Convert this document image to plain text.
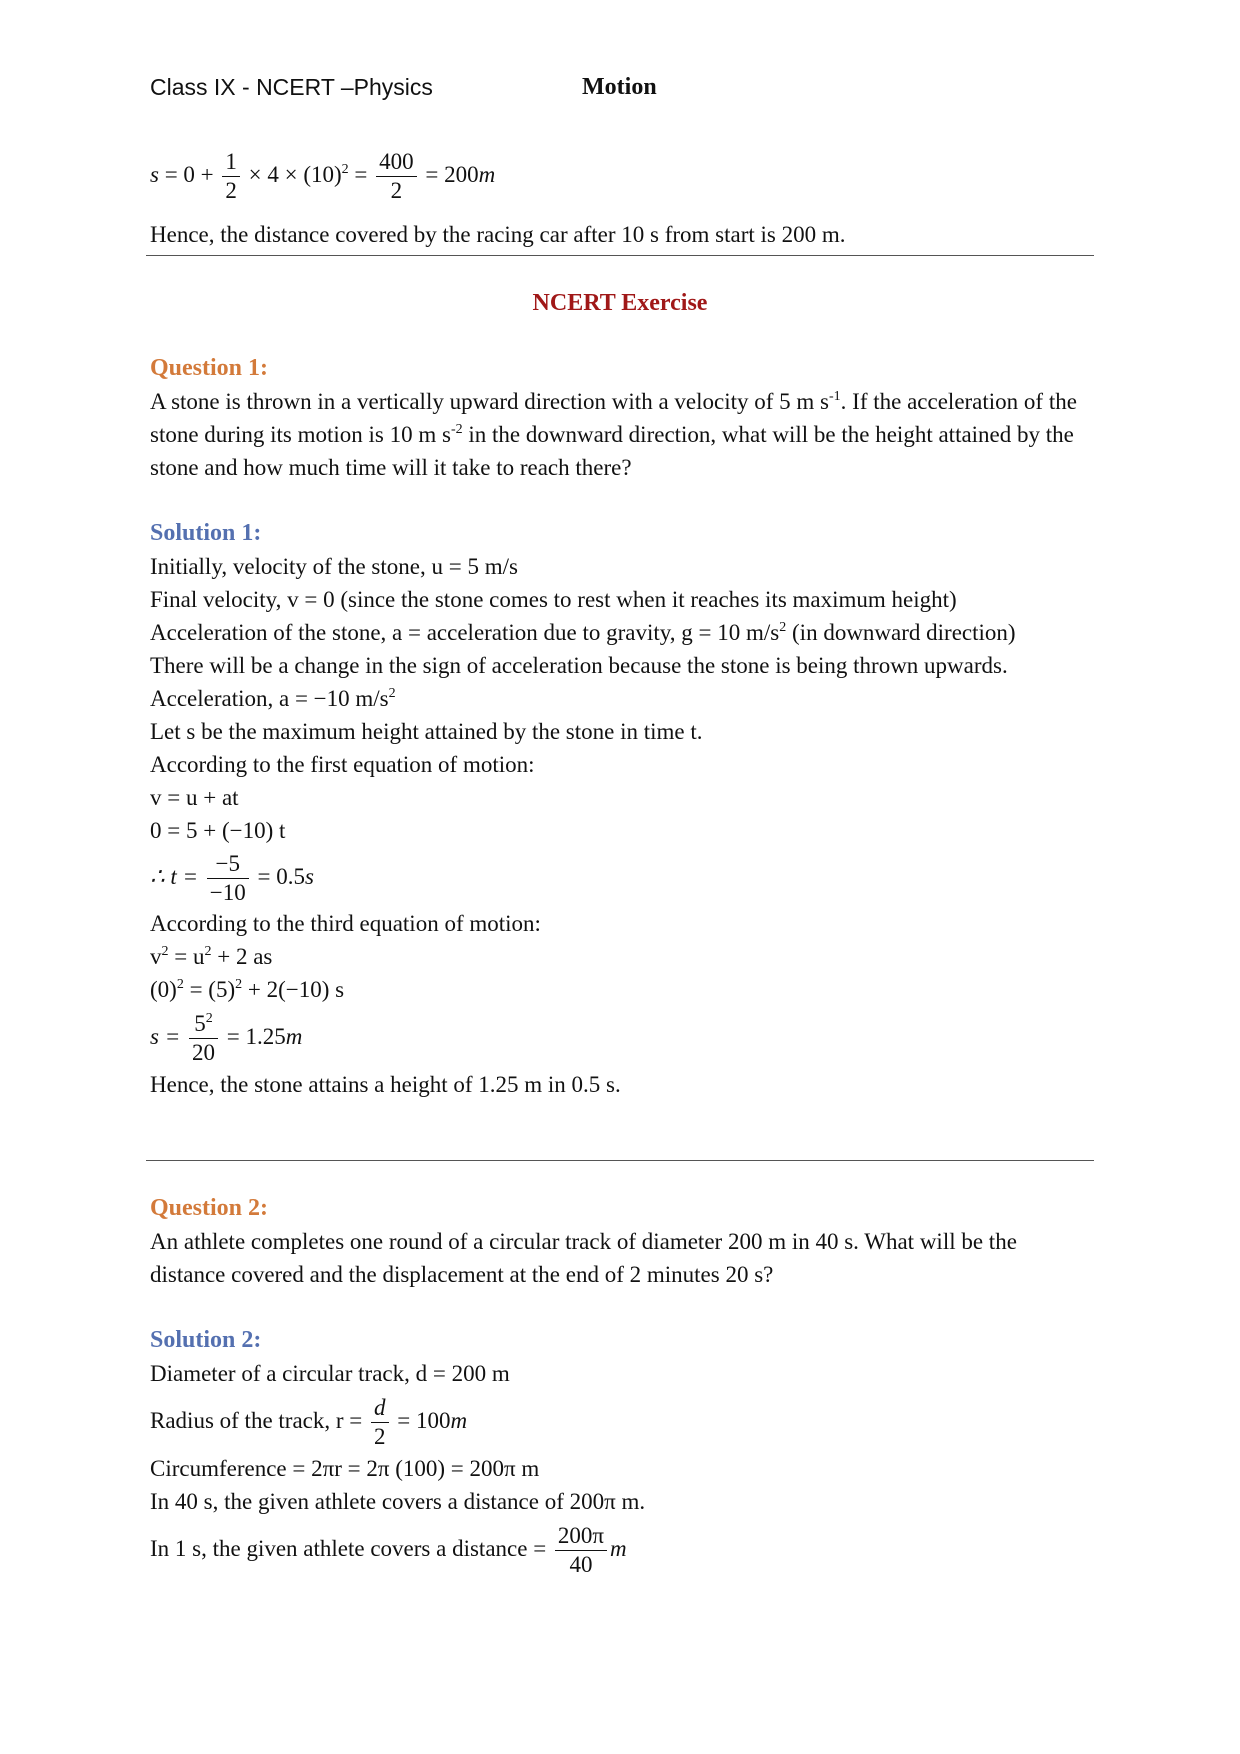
Class IX - NCERT –Physics	Motion
$s = 0 + \frac{1}{2} \times 4 \times (10)^2 = \frac{400}{2} = 200m$

Hence, the distance covered by the racing car after 10 s from start is 200 m.

NCERT Exercise

Question 1:

A stone is thrown in a vertically upward direction with a velocity of 5 m $s^{-1}$. If the acceleration of the stone during its motion is 10 m $s^{-2}$ in the downward direction, what will be the height attained by the stone and how much time will it take to reach there?

Solution 1:

Initially, velocity of the stone, u = 5 m/s

Final velocity, v = 0 (since the stone comes to rest when it reaches its maximum height)

Acceleration of the stone, a = acceleration due to gravity, g = 10 $m/s^2$ (in downward direction)

There will be a change in the sign of acceleration because the stone is being thrown upwards.

Acceleration, a = −10 $m/s^2$

Let s be the maximum height attained by the stone in time t.

According to the first equation of motion:

v = u + at

0 = 5 + (−10) t

∴ $t = \frac{-5}{-10} = 0.5s$

According to the third equation of motion:

$v^2 = u^2 + 2$ as

$(0)^2 = (5)^2 + 2(-10)$ s

$s = \frac{5^2}{20} = 1.25m$

Hence, the stone attains a height of 1.25 m in 0.5 s.

Question 2:

An athlete completes one round of a circular track of diameter 200 m in 40 s. What will be the distance covered and the displacement at the end of 2 minutes 20 s?

Solution 2:

Diameter of a circular track, d = 200 m

Radius of the track, $r = \frac{d}{2} = 100m$

Circumference = 2πr = 2π (100) = 200π m

In 40 s, the given athlete covers a distance of 200π m.

In 1 s, the given athlete covers a distance = $\frac{200\pi}{40}$ m
